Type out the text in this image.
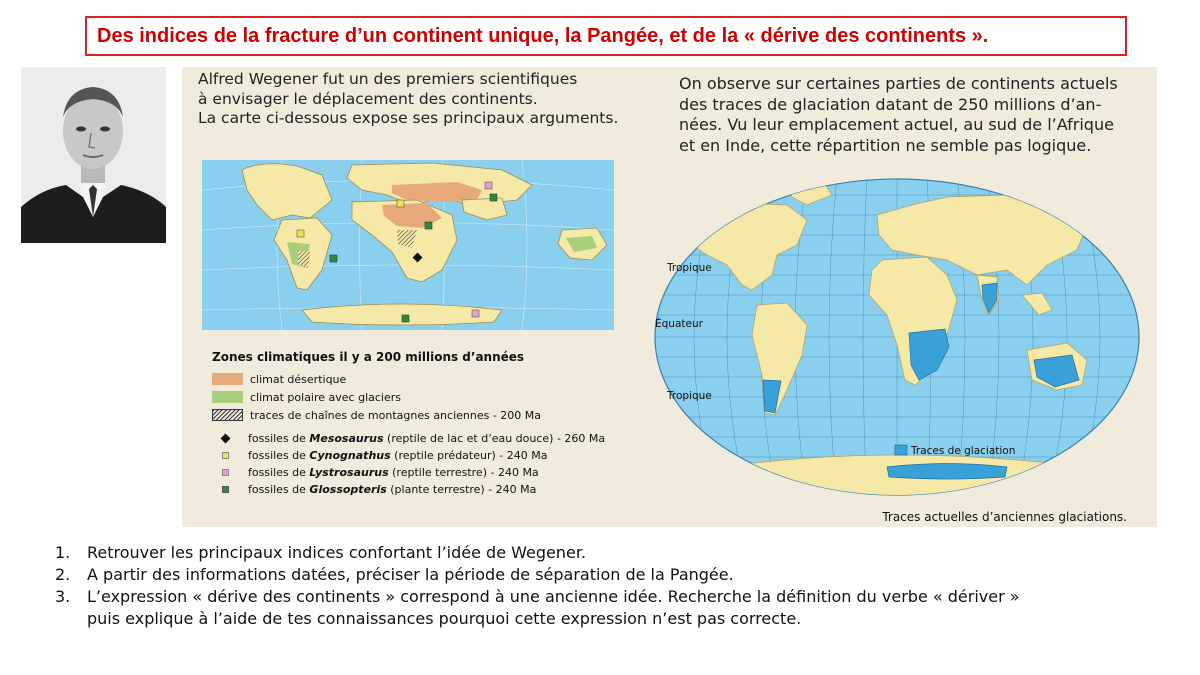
Des indices de la fracture d’un continent unique, la Pangée, et de la « dérive des continents ».
Alfred Wegener fut un des premiers scientifiques
à envisager le déplacement des continents.
La carte ci-dessous expose ses principaux arguments.
Zones climatiques il y a 200 millions d’années
climat désertique
climat polaire avec glaciers
traces de chaînes de montagnes anciennes - 200 Ma
fossiles de Mesosaurus (reptile de lac et d’eau douce) - 260 Ma
fossiles de Cynognathus (reptile prédateur) - 240 Ma
fossiles de Lystrosaurus (reptile terrestre) - 240 Ma
fossiles de Glossopteris (plante terrestre) - 240 Ma
On observe sur certaines parties de continents actuels
des traces de glaciation datant de 250 millions d’an-
nées. Vu leur emplacement actuel, au sud de l’Afrique
et en Inde, cette répartition ne semble pas logique.
Traces de glaciation
Tropique
Équateur
Tropique
Traces actuelles d’anciennes glaciations.
1.	Retrouver les principaux indices confortant l’idée de Wegener.
2.	A partir des informations datées, préciser la période de séparation de la Pangée.
3.	L’expression « dérive des continents » correspond à une ancienne idée. Recherche la définition du verbe « dériver »
puis explique à l’aide de tes connaissances pourquoi cette expression n’est pas correcte.
